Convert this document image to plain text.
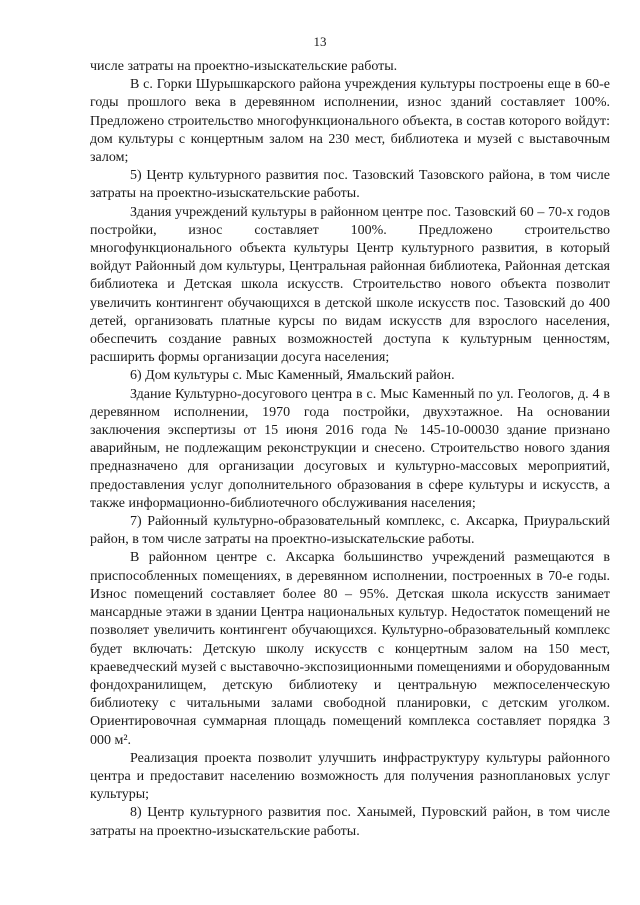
13

числе затраты на проектно-изыскательские работы.

В с. Горки Шурышкарского района учреждения культуры построены еще в 60-е годы прошлого века в деревянном исполнении, износ зданий составляет 100%. Предложено строительство многофункционального объекта, в состав которого войдут: дом культуры с концертным залом на 230 мест, библиотека и музей с выставочным залом;

5) Центр культурного развития пос. Тазовский Тазовского района, в том числе затраты на проектно-изыскательские работы.

Здания учреждений культуры в районном центре пос. Тазовский 60 – 70-х годов постройки, износ составляет 100%. Предложено строительство многофункционального объекта культуры Центр культурного развития, в который войдут Районный дом культуры, Центральная районная библиотека, Районная детская библиотека и Детская школа искусств. Строительство нового объекта позволит увеличить контингент обучающихся в детской школе искусств пос. Тазовский до 400 детей, организовать платные курсы по видам искусств для взрослого населения, обеспечить создание равных возможностей доступа к культурным ценностям, расширить формы организации досуга населения;

6) Дом культуры с. Мыс Каменный, Ямальский район.

Здание Культурно-досугового центра в с. Мыс Каменный по ул. Геологов, д. 4 в деревянном исполнении, 1970 года постройки, двухэтажное. На основании заключения экспертизы от 15 июня 2016 года № 145-10-00030 здание признано аварийным, не подлежащим реконструкции и снесено. Строительство нового здания предназначено для организации досуговых и культурно-массовых мероприятий, предоставления услуг дополнительного образования в сфере культуры и искусств, а также информационно-библиотечного обслуживания населения;

7) Районный культурно-образовательный комплекс, с. Аксарка, Приуральский район, в том числе затраты на проектно-изыскательские работы.

В районном центре с. Аксарка большинство учреждений размещаются в приспособленных помещениях, в деревянном исполнении, построенных в 70-е годы. Износ помещений составляет более 80 – 95%. Детская школа искусств занимает мансардные этажи в здании Центра национальных культур. Недостаток помещений не позволяет увеличить контингент обучающихся. Культурно-образовательный комплекс будет включать: Детскую школу искусств с концертным залом на 150 мест, краеведческий музей с выставочно-экспозиционными помещениями и оборудованным фондохранилищем, детскую библиотеку и центральную межпоселенческую библиотеку с читальными залами свободной планировки, с детским уголком. Ориентировочная суммарная площадь помещений комплекса составляет порядка 3 000 м².

Реализация проекта позволит улучшить инфраструктуру культуры районного центра и предоставит населению возможность для получения разноплановых услуг культуры;

8) Центр культурного развития пос. Ханымей, Пуровский район, в том числе затраты на проектно-изыскательские работы.
